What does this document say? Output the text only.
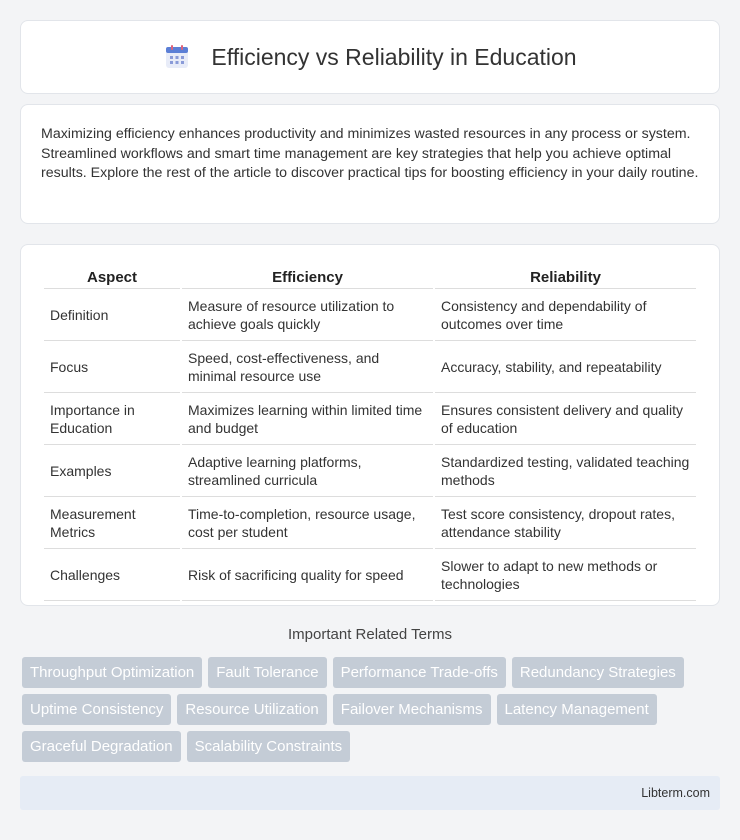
Efficiency vs Reliability in Education

Maximizing efficiency enhances productivity and minimizes wasted resources in any process or system. Streamlined workflows and smart time management are key strategies that help you achieve optimal results. Explore the rest of the article to discover practical tips for boosting efficiency in your daily routine.

Aspect	Efficiency	Reliability
Definition	Measure of resource utilization to achieve goals quickly	Consistency and dependability of outcomes over time
Focus	Speed, cost-effectiveness, and minimal resource use	Accuracy, stability, and repeatability
Importance in Education	Maximizes learning within limited time and budget	Ensures consistent delivery and quality of education
Examples	Adaptive learning platforms, streamlined curricula	Standardized testing, validated teaching methods
Measurement Metrics	Time-to-completion, resource usage, cost per student	Test score consistency, dropout rates, attendance stability
Challenges	Risk of sacrificing quality for speed	Slower to adapt to new methods or technologies
Important Related Terms
Throughput Optimization	Fault Tolerance	Performance Trade-offs	Redundancy Strategies
Uptime Consistency	Resource Utilization	Failover Mechanisms	Latency Management
Graceful Degradation	Scalability Constraints
Libterm.com
